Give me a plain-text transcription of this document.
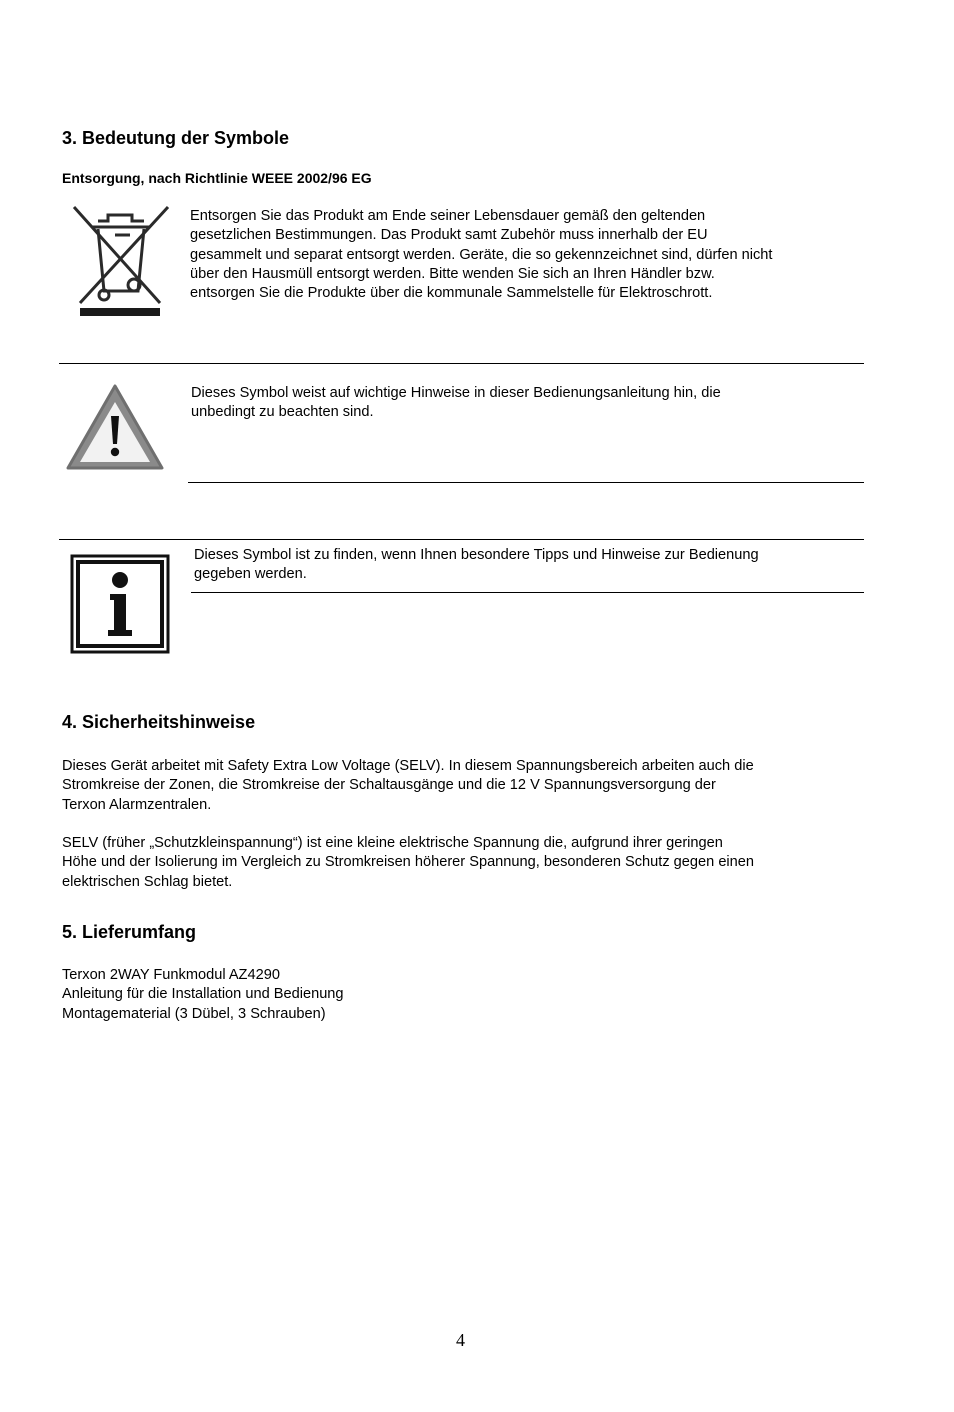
3. Bedeutung der Symbole
Entsorgung, nach Richtlinie WEEE 2002/96 EG
Entsorgen Sie das Produkt am Ende seiner Lebensdauer gemäß den geltenden
gesetzlichen Bestimmungen. Das Produkt samt Zubehör muss innerhalb der EU
gesammelt und separat entsorgt werden. Geräte, die so gekennzeichnet sind, dürfen nicht
über den Hausmüll entsorgt werden. Bitte wenden Sie sich an Ihren Händler bzw.
entsorgen Sie die Produkte über die kommunale Sammelstelle für Elektroschrott.
Dieses Symbol weist auf wichtige Hinweise in dieser Bedienungsanleitung hin, die
unbedingt zu beachten sind.
Dieses Symbol ist zu finden, wenn Ihnen besondere Tipps und Hinweise zur Bedienung
gegeben werden.
4. Sicherheitshinweise
Dieses Gerät arbeitet mit Safety Extra Low Voltage (SELV). In diesem Spannungsbereich arbeiten auch die
Stromkreise der Zonen, die Stromkreise der Schaltausgänge und die 12 V Spannungsversorgung der
Terxon Alarmzentralen.
SELV (früher „Schutzkleinspannung“) ist eine kleine elektrische Spannung die, aufgrund ihrer geringen
Höhe und der Isolierung im Vergleich zu Stromkreisen höherer Spannung, besonderen Schutz gegen einen
elektrischen Schlag bietet.
5. Lieferumfang
Terxon 2WAY Funkmodul AZ4290
Anleitung für die Installation und Bedienung
Montagematerial (3 Dübel, 3 Schrauben)
4
